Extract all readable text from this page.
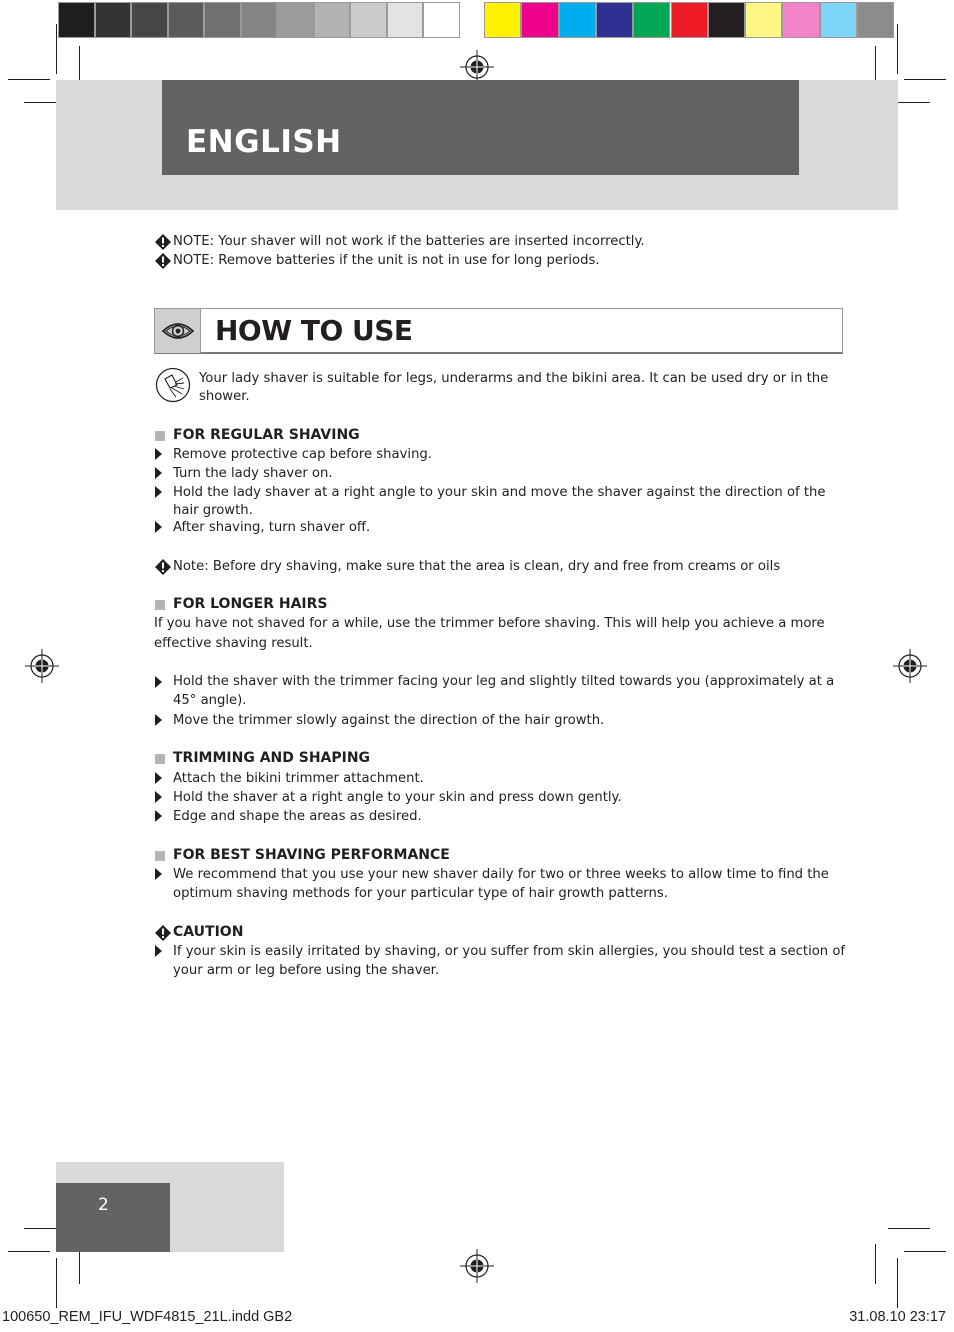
ENGLISH
NOTE: Your shaver will not work if the batteries are inserted incorrectly.
NOTE: Remove batteries if the unit is not in use for long periods.
HOW TO USE
Your lady shaver is suitable for legs, underarms and the bikini area. It can be used dry or in the
shower.
FOR REGULAR SHAVING
Remove protective cap before shaving.
Turn the lady shaver on.
Hold the lady shaver at a right angle to your skin and move the shaver against the direction of the
hair growth.
After shaving, turn shaver off.
Note: Before dry shaving, make sure that the area is clean, dry and free from creams or oils
FOR LONGER HAIRS
If you have not shaved for a while, use the trimmer before shaving. This will help you achieve a more
effective shaving result.
Hold the shaver with the trimmer facing your leg and slightly tilted towards you (approximately at a
45° angle).
Move the trimmer slowly against the direction of the hair growth.
TRIMMING AND SHAPING
Attach the bikini trimmer attachment.
Hold the shaver at a right angle to your skin and press down gently.
Edge and shape the areas as desired.
FOR BEST SHAVING PERFORMANCE
We recommend that you use your new shaver daily for two or three weeks to allow time to find the
optimum shaving methods for your particular type of hair growth patterns.
CAUTION
If your skin is easily irritated by shaving, or you suffer from skin allergies, you should test a section of
your arm or leg before using the shaver.
2
100650_REM_IFU_WDF4815_21L.indd GB2	31.08.10 23:17
